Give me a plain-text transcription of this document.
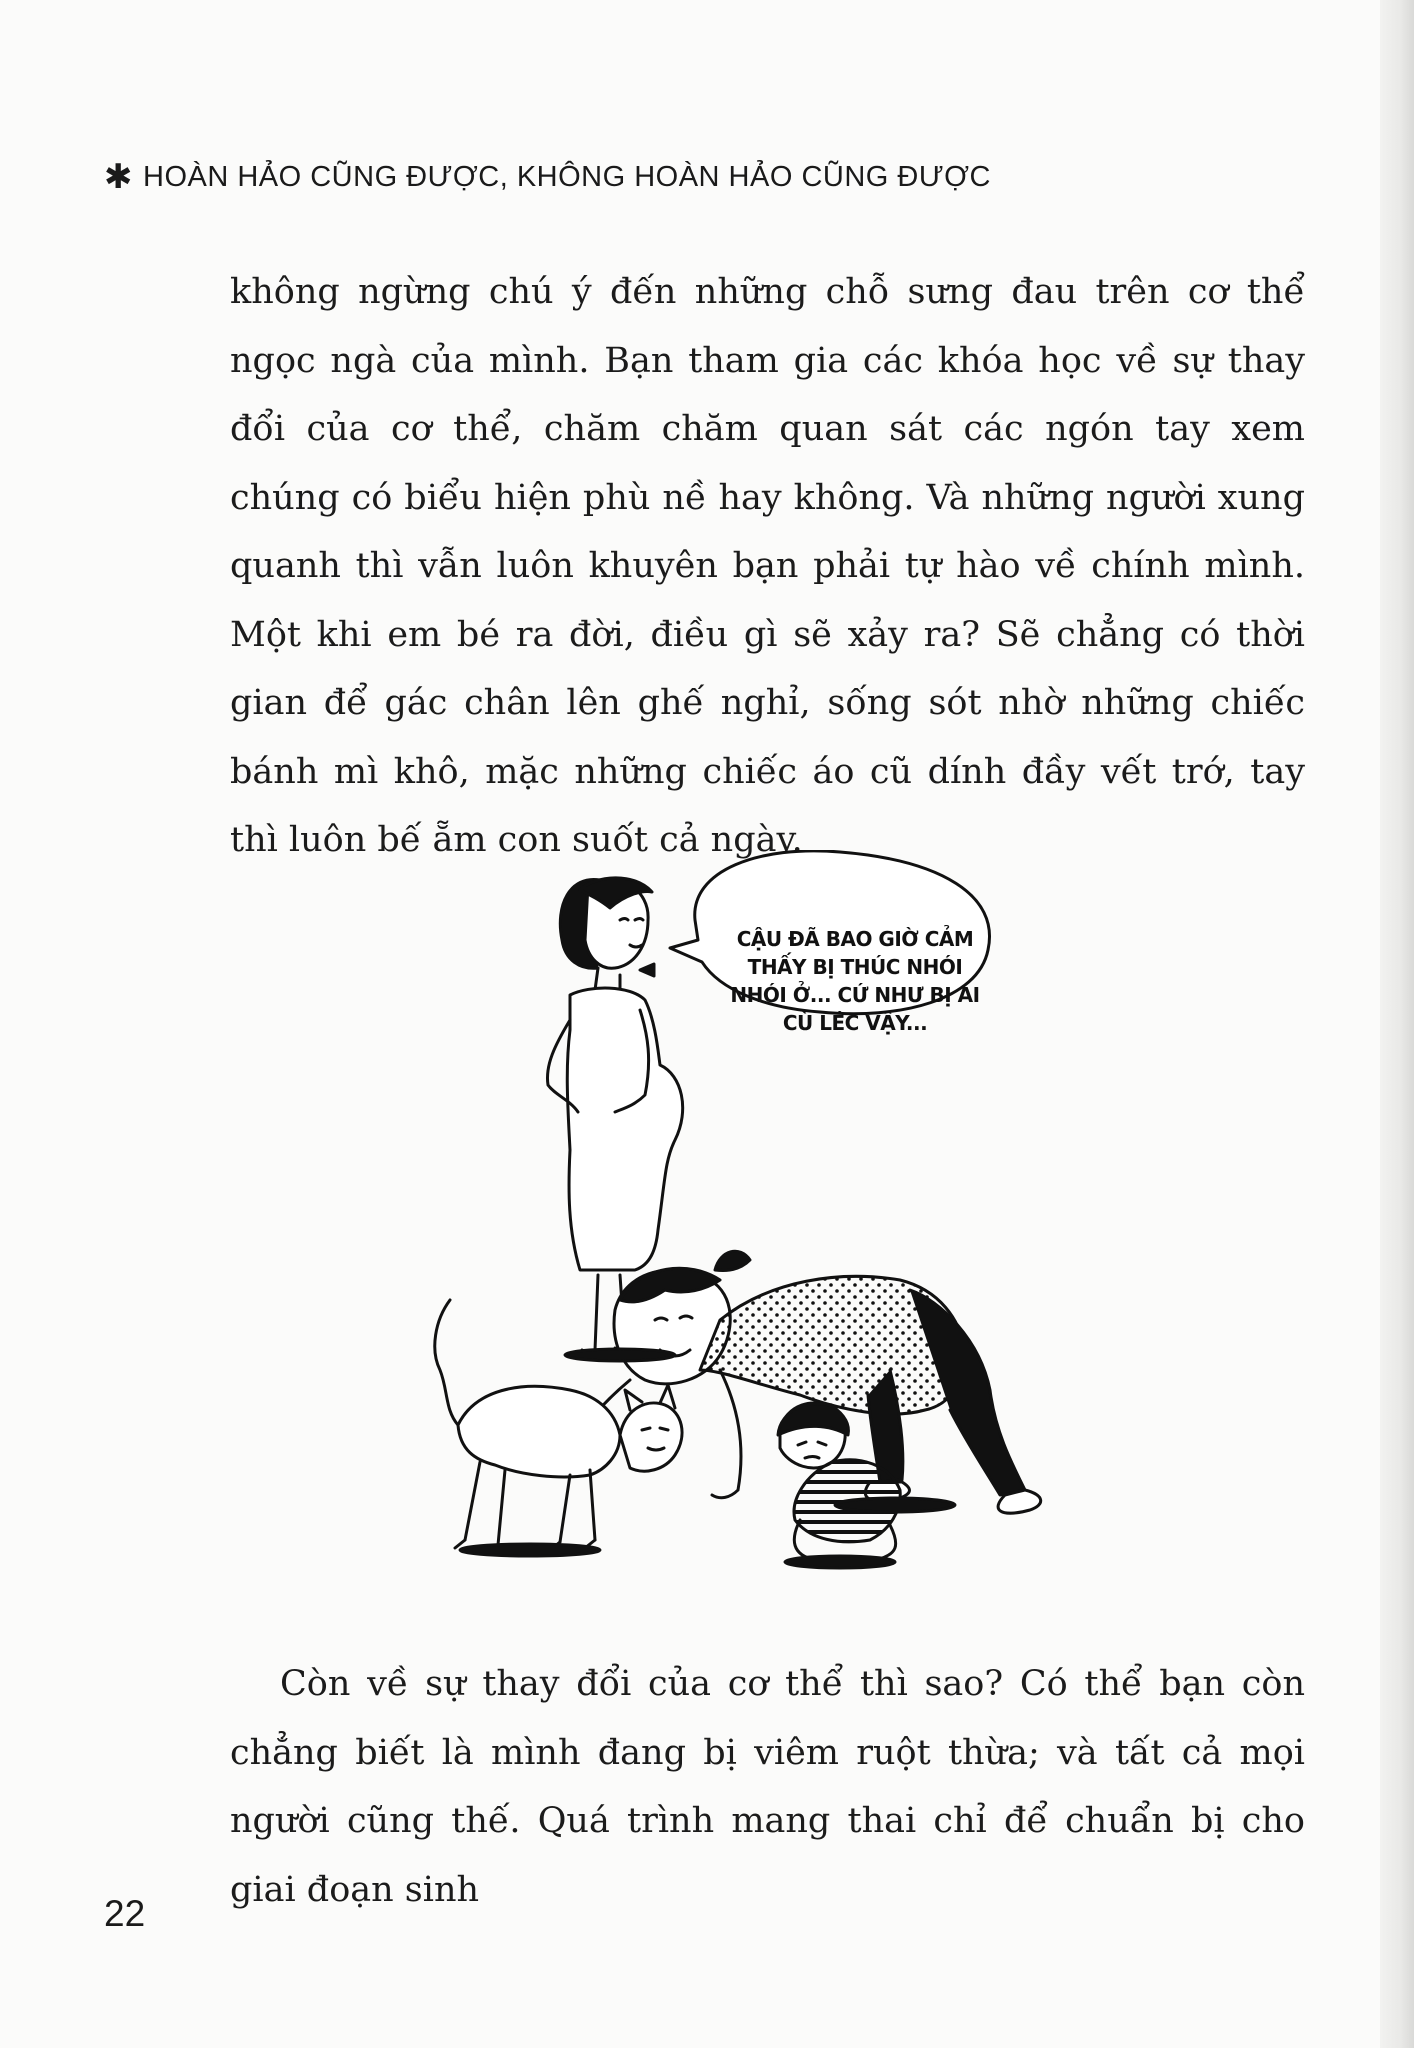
✱ HOÀN HẢO CŨNG ĐƯỢC, KHÔNG HOÀN HẢO CŨNG ĐƯỢC

không ngừng chú ý đến những chỗ sưng đau trên cơ thể ngọc ngà của mình. Bạn tham gia các khóa học về sự thay đổi của cơ thể, chăm chăm quan sát các ngón tay xem chúng có biểu hiện phù nề hay không. Và những người xung quanh thì vẫn luôn khuyên bạn phải tự hào về chính mình. Một khi em bé ra đời, điều gì sẽ xảy ra? Sẽ chẳng có thời gian để gác chân lên ghế nghỉ, sống sót nhờ những chiếc bánh mì khô, mặc những chiếc áo cũ dính đầy vết trớ, tay thì luôn bế ẵm con suốt cả ngày.

CẬU ĐÃ BAO GIỜ CẢM THẤY BỊ THÚC NHÓI NHÓI Ở... CỨ NHƯ BỊ AI CÙ LÉC VẬY...

Còn về sự thay đổi của cơ thể thì sao? Có thể bạn còn chẳng biết là mình đang bị viêm ruột thừa; và tất cả mọi người cũng thế. Quá trình mang thai chỉ để chuẩn bị cho giai đoạn sinh

22
